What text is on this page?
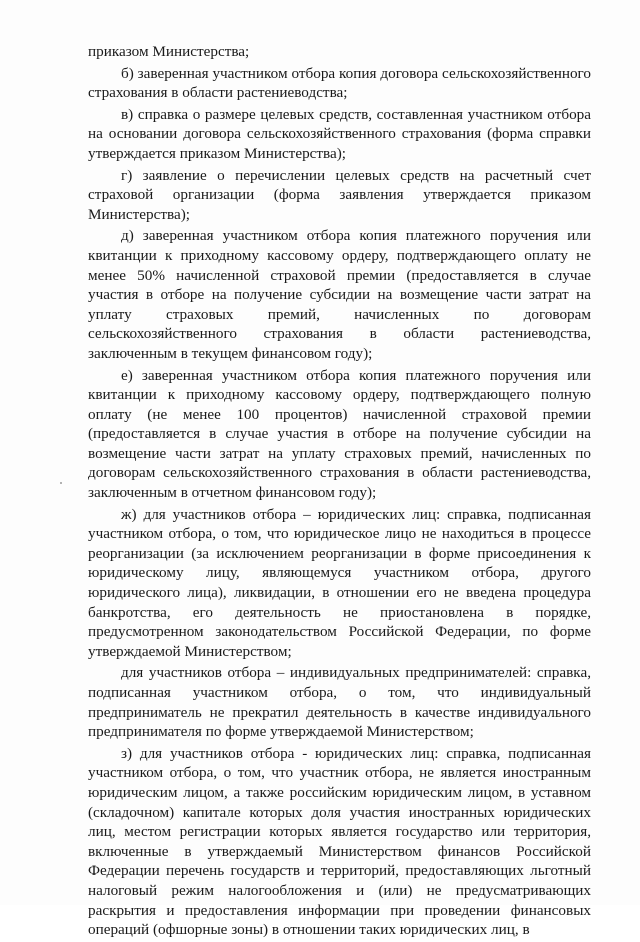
приказом Министерства;

б) заверенная участником отбора копия договора сельскохозяйственного страхования в области растениеводства;

в) справка о размере целевых средств, составленная участником отбора на основании договора сельскохозяйственного страхования (форма справки утверждается приказом Министерства);

г) заявление о перечислении целевых средств на расчетный счет страховой организации (форма заявления утверждается приказом Министерства);

д) заверенная участником отбора копия платежного поручения или квитанции к приходному кассовому ордеру, подтверждающего оплату не менее 50% начисленной страховой премии (предоставляется в случае участия в отборе на получение субсидии на возмещение части затрат на уплату страховых премий, начисленных по договорам сельскохозяйственного страхования в области растениеводства, заключенным в текущем финансовом году);

е) заверенная участником отбора копия платежного поручения или квитанции к приходному кассовому ордеру, подтверждающего полную оплату (не менее 100 процентов) начисленной страховой премии (предоставляется в случае участия в отборе на получение субсидии на возмещение части затрат на уплату страховых премий, начисленных по договорам сельскохозяйственного страхования в области растениеводства, заключенным в отчетном финансовом году);

ж) для участников отбора – юридических лиц: справка, подписанная участником отбора, о том, что юридическое лицо не находиться в процессе реорганизации (за исключением реорганизации в форме присоединения к юридическому лицу, являющемуся участником отбора, другого юридического лица), ликвидации, в отношении его не введена процедура банкротства, его деятельность не приостановлена в порядке, предусмотренном законодательством Российской Федерации, по форме утверждаемой Министерством;

для участников отбора – индивидуальных предпринимателей: справка, подписанная участником отбора, о том, что индивидуальный предприниматель не прекратил деятельность в качестве индивидуального предпринимателя по форме утверждаемой Министерством;

з) для участников отбора - юридических лиц: справка, подписанная участником отбора, о том, что участник отбора, не является иностранным юридическим лицом, а также российским юридическим лицом, в уставном (складочном) капитале которых доля участия иностранных юридических лиц, местом регистрации которых является государство или территория, включенные в утверждаемый Министерством финансов Российской Федерации перечень государств и территорий, предоставляющих льготный налоговый режим налогообложения и (или) не предусматривающих раскрытия и предоставления информации при проведении финансовых операций (офшорные зоны) в отношении таких юридических лиц, в
